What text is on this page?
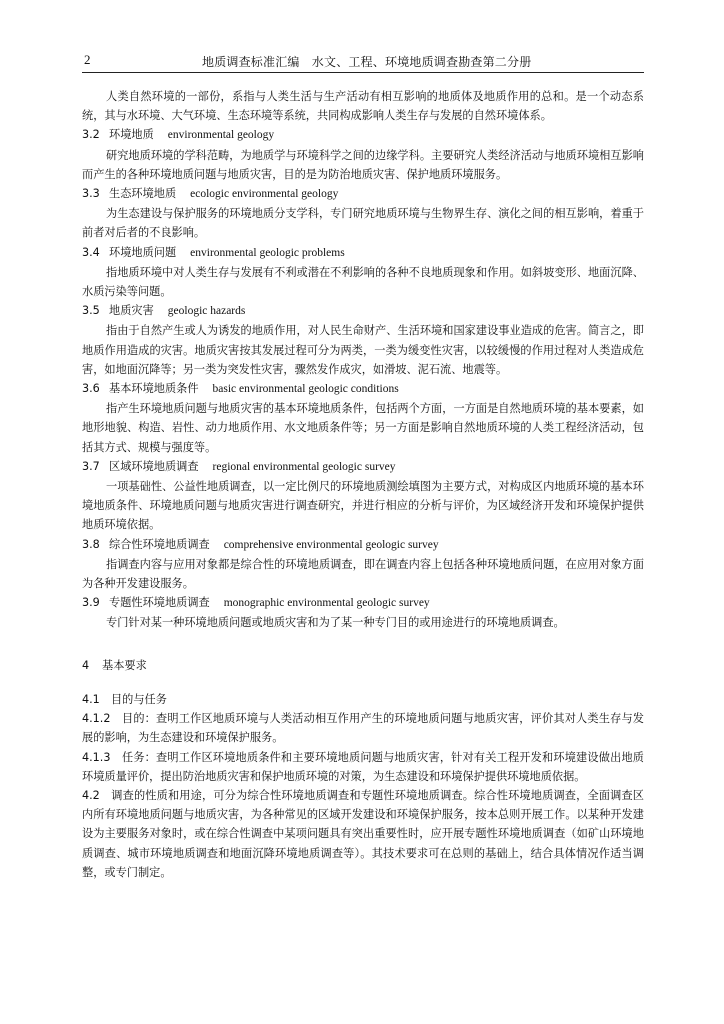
2	地质调查标准汇编　水文、工程、环境地质调查勘查第二分册

人类自然环境的一部份，系指与人类生活与生产活动有相互影响的地质体及地质作用的总和。是一个动态系统，其与水环境、大气环境、生态环境等系统，共同构成影响人类生存与发展的自然环境体系。

3.2 环境地质 environmental geology

研究地质环境的学科范畴，为地质学与环境科学之间的边缘学科。主要研究人类经济活动与地质环境相互影响而产生的各种环境地质问题与地质灾害，目的是为防治地质灾害、保护地质环境服务。

3.3 生态环境地质 ecologic environmental geology

为生态建设与保护服务的环境地质分支学科，专门研究地质环境与生物界生存、演化之间的相互影响，着重于前者对后者的不良影响。

3.4 环境地质问题 environmental geologic problems

指地质环境中对人类生存与发展有不利或潜在不利影响的各种不良地质现象和作用。如斜坡变形、地面沉降、水质污染等问题。

3.5 地质灾害 geologic hazards

指由于自然产生或人为诱发的地质作用，对人民生命财产、生活环境和国家建设事业造成的危害。简言之，即地质作用造成的灾害。地质灾害按其发展过程可分为两类，一类为缓变性灾害，以较缓慢的作用过程对人类造成危害，如地面沉降等；另一类为突发性灾害，骤然发作成灾，如滑坡、泥石流、地震等。

3.6 基本环境地质条件 basic environmental geologic conditions

指产生环境地质问题与地质灾害的基本环境地质条件，包括两个方面，一方面是自然地质环境的基本要素，如地形地貌、构造、岩性、动力地质作用、水文地质条件等；另一方面是影响自然地质环境的人类工程经济活动，包括其方式、规模与强度等。

3.7 区域环境地质调查 regional environmental geologic survey

一项基础性、公益性地质调查，以一定比例尺的环境地质测绘填图为主要方式，对构成区内地质环境的基本环境地质条件、环境地质问题与地质灾害进行调查研究，并进行相应的分析与评价，为区域经济开发和环境保护提供地质环境依据。

3.8 综合性环境地质调查 comprehensive environmental geologic survey

指调查内容与应用对象都是综合性的环境地质调查，即在调查内容上包括各种环境地质问题，在应用对象方面为各种开发建设服务。

3.9 专题性环境地质调查 monographic environmental geologic survey

专门针对某一种环境地质问题或地质灾害和为了某一种专门目的或用途进行的环境地质调查。

4 基本要求

4.1　目的与任务

4.1.2　目的：查明工作区地质环境与人类活动相互作用产生的环境地质问题与地质灾害，评价其对人类生存与发展的影响，为生态建设和环境保护服务。

4.1.3　任务：查明工作区环境地质条件和主要环境地质问题与地质灾害，针对有关工程开发和环境建设做出地质环境质量评价，提出防治地质灾害和保护地质环境的对策，为生态建设和环境保护提供环境地质依据。

4.2　调查的性质和用途，可分为综合性环境地质调查和专题性环境地质调查。综合性环境地质调查，全面调查区内所有环境地质问题与地质灾害，为各种常见的区域开发建设和环境保护服务，按本总则开展工作。以某种开发建设为主要服务对象时，或在综合性调查中某项问题具有突出重要性时，应开展专题性环境地质调查（如矿山环境地质调查、城市环境地质调查和地面沉降环境地质调查等）。其技术要求可在总则的基础上，结合具体情况作适当调整，或专门制定。
